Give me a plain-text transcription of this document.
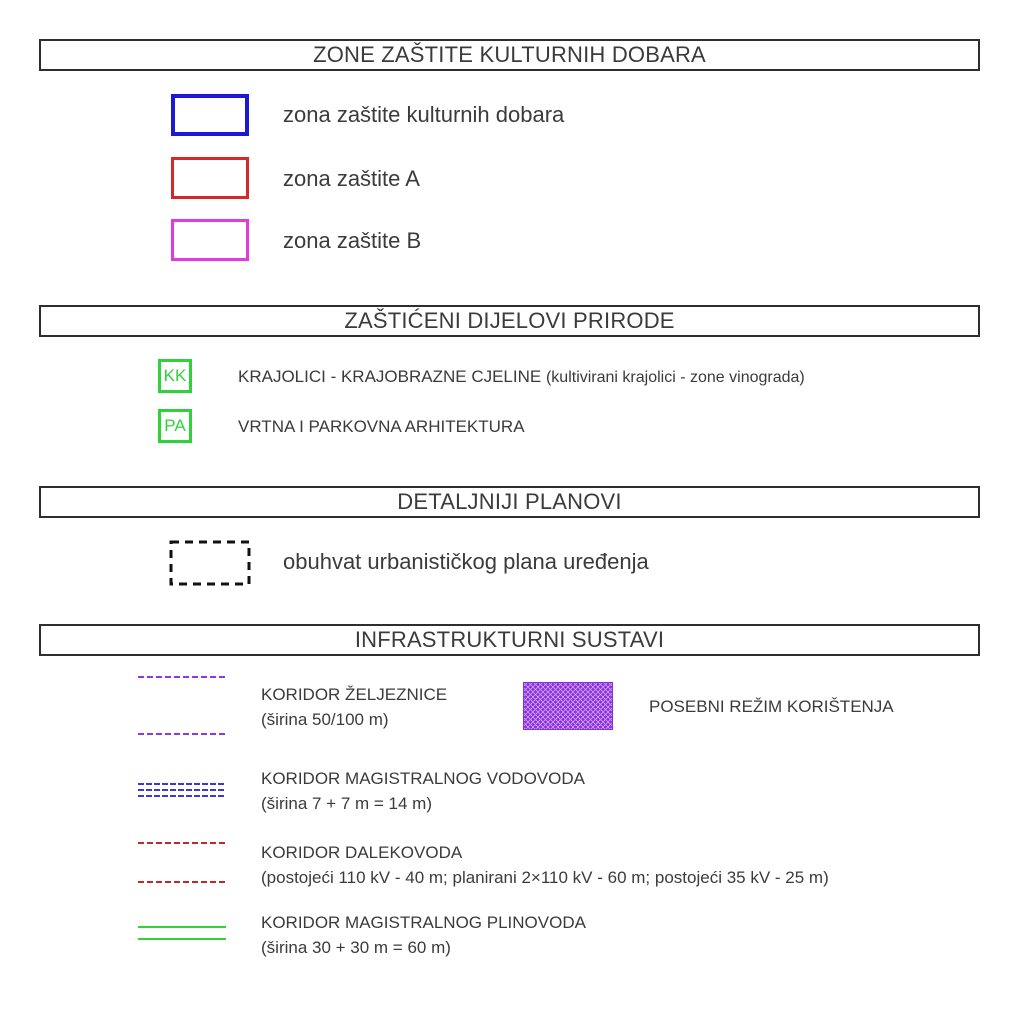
ZONE ZAŠTITE KULTURNIH DOBARA
zona zaštite kulturnih dobara
zona zaštite A
zona zaštite B
ZAŠTIĆENI DIJELOVI PRIRODE
KK	KRAJOLICI - KRAJOBRAZNE CJELINE (kultivirani krajolici - zone vinograda)
PA	VRTNA I PARKOVNA ARHITEKTURA
DETALJNIJI PLANOVI
obuhvat urbanističkog plana uređenja
INFRASTRUKTURNI SUSTAVI
KORIDOR ŽELJEZNICE
(širina 50/100 m)
POSEBNI REŽIM KORIŠTENJA
KORIDOR MAGISTRALNOG VODOVODA
(širina 7 + 7 m = 14 m)
KORIDOR DALEKOVODA
(postojeći 110 kV - 40 m; planirani 2×110 kV - 60 m; postojeći 35 kV - 25 m)
KORIDOR MAGISTRALNOG PLINOVODA
(širina 30 + 30 m = 60 m)
